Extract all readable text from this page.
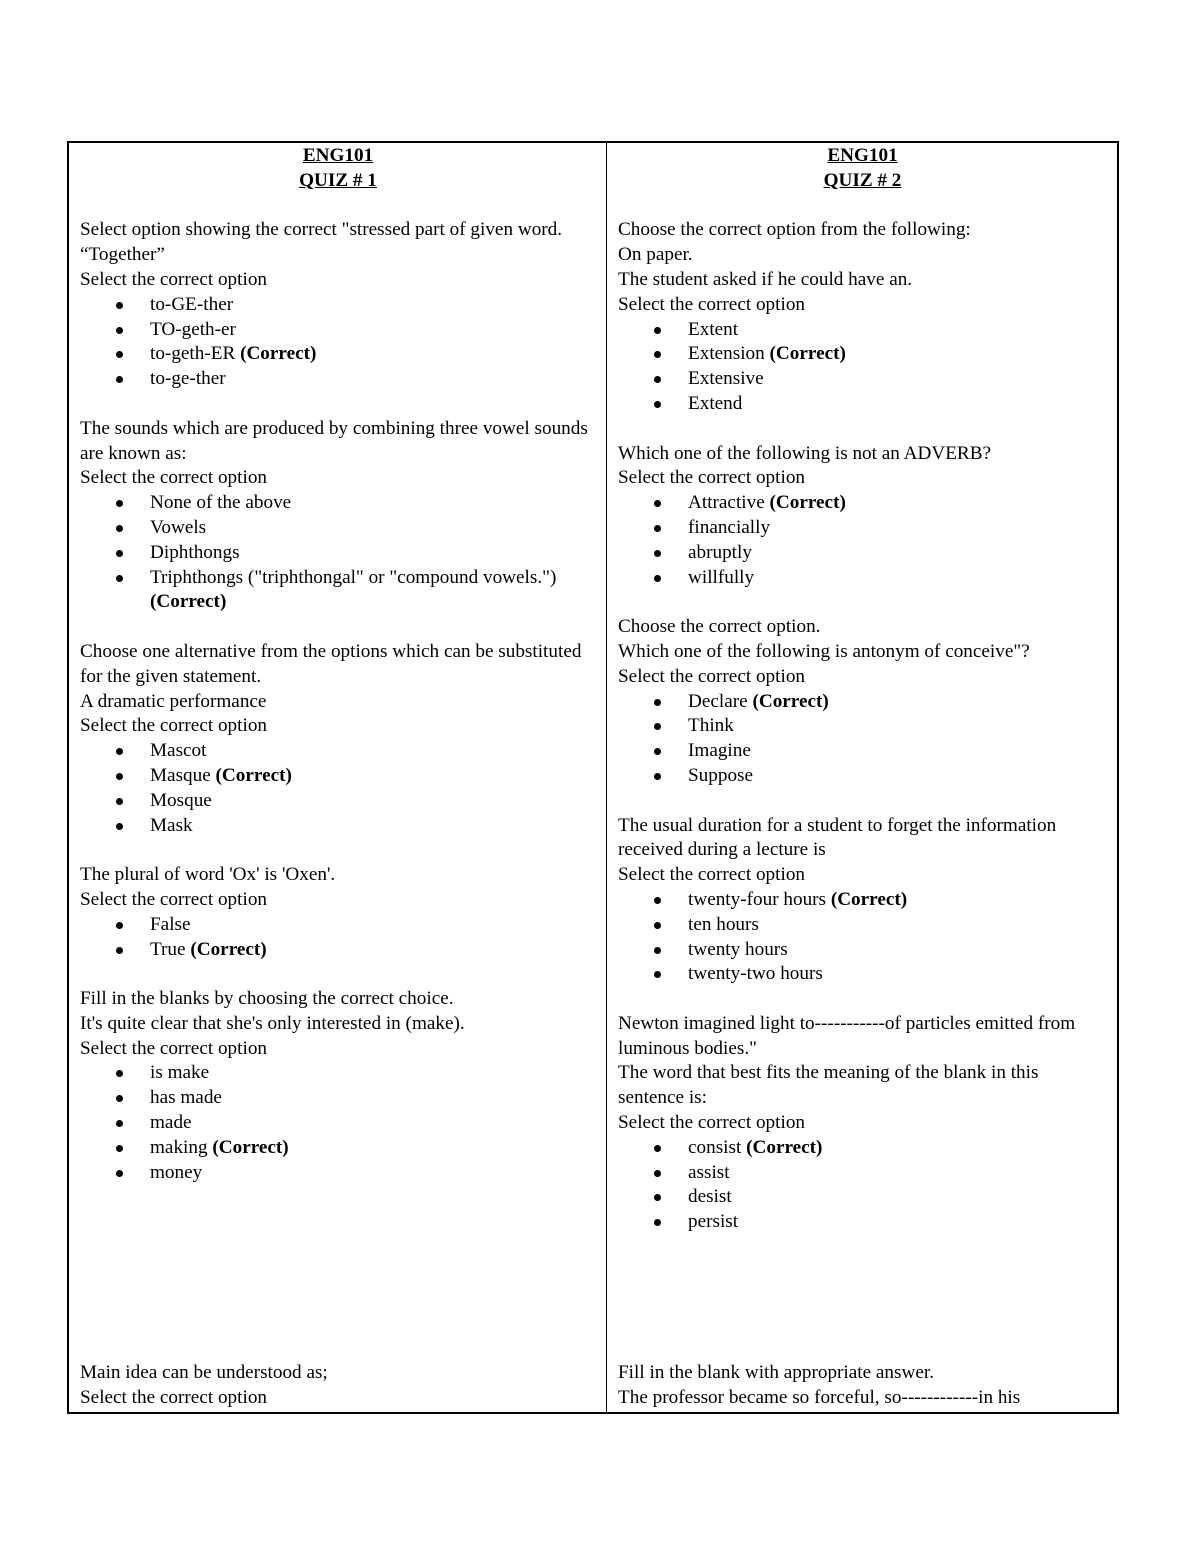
ENG101

QUIZ # 1

Select option showing the correct "stressed part of given word. “Together”

Select the correct option

to-GE-ther
TO-geth-er
to-geth-ER (Correct)
to-ge-ther

The sounds which are produced by combining three vowel sounds are known as:

Select the correct option

None of the above
Vowels
Diphthongs
Triphthongs ("triphthongal" or "compound vowels.") (Correct)

Choose one alternative from the options which can be substituted for the given statement.

A dramatic performance

Select the correct option

Mascot
Masque (Correct)
Mosque
Mask

The plural of word 'Ox' is 'Oxen'.

Select the correct option

False
True (Correct)

Fill in the blanks by choosing the correct choice.

It's quite clear that she's only interested in (make).

Select the correct option

is make
has made
made
making (Correct)
money

Main idea can be understood as;

Select the correct option

ENG101

QUIZ # 2

Choose the correct option from the following:

On paper.

The student asked if he could have an.

Select the correct option

Extent
Extension (Correct)
Extensive
Extend

Which one of the following is not an ADVERB?

Select the correct option

Attractive (Correct)
financially
abruptly
willfully

Choose the correct option.

Which one of the following is antonym of conceive"?

Select the correct option

Declare (Correct)
Think
Imagine
Suppose

The usual duration for a student to forget the information received during a lecture is

Select the correct option

twenty-four hours (Correct)
ten hours
twenty hours
twenty-two hours

Newton imagined light to-----------of particles emitted from luminous bodies."

The word that best fits the meaning of the blank in this sentence is:

Select the correct option

consist (Correct)
assist
desist
persist

Fill in the blank with appropriate answer.

The professor became so forceful, so------------in his
